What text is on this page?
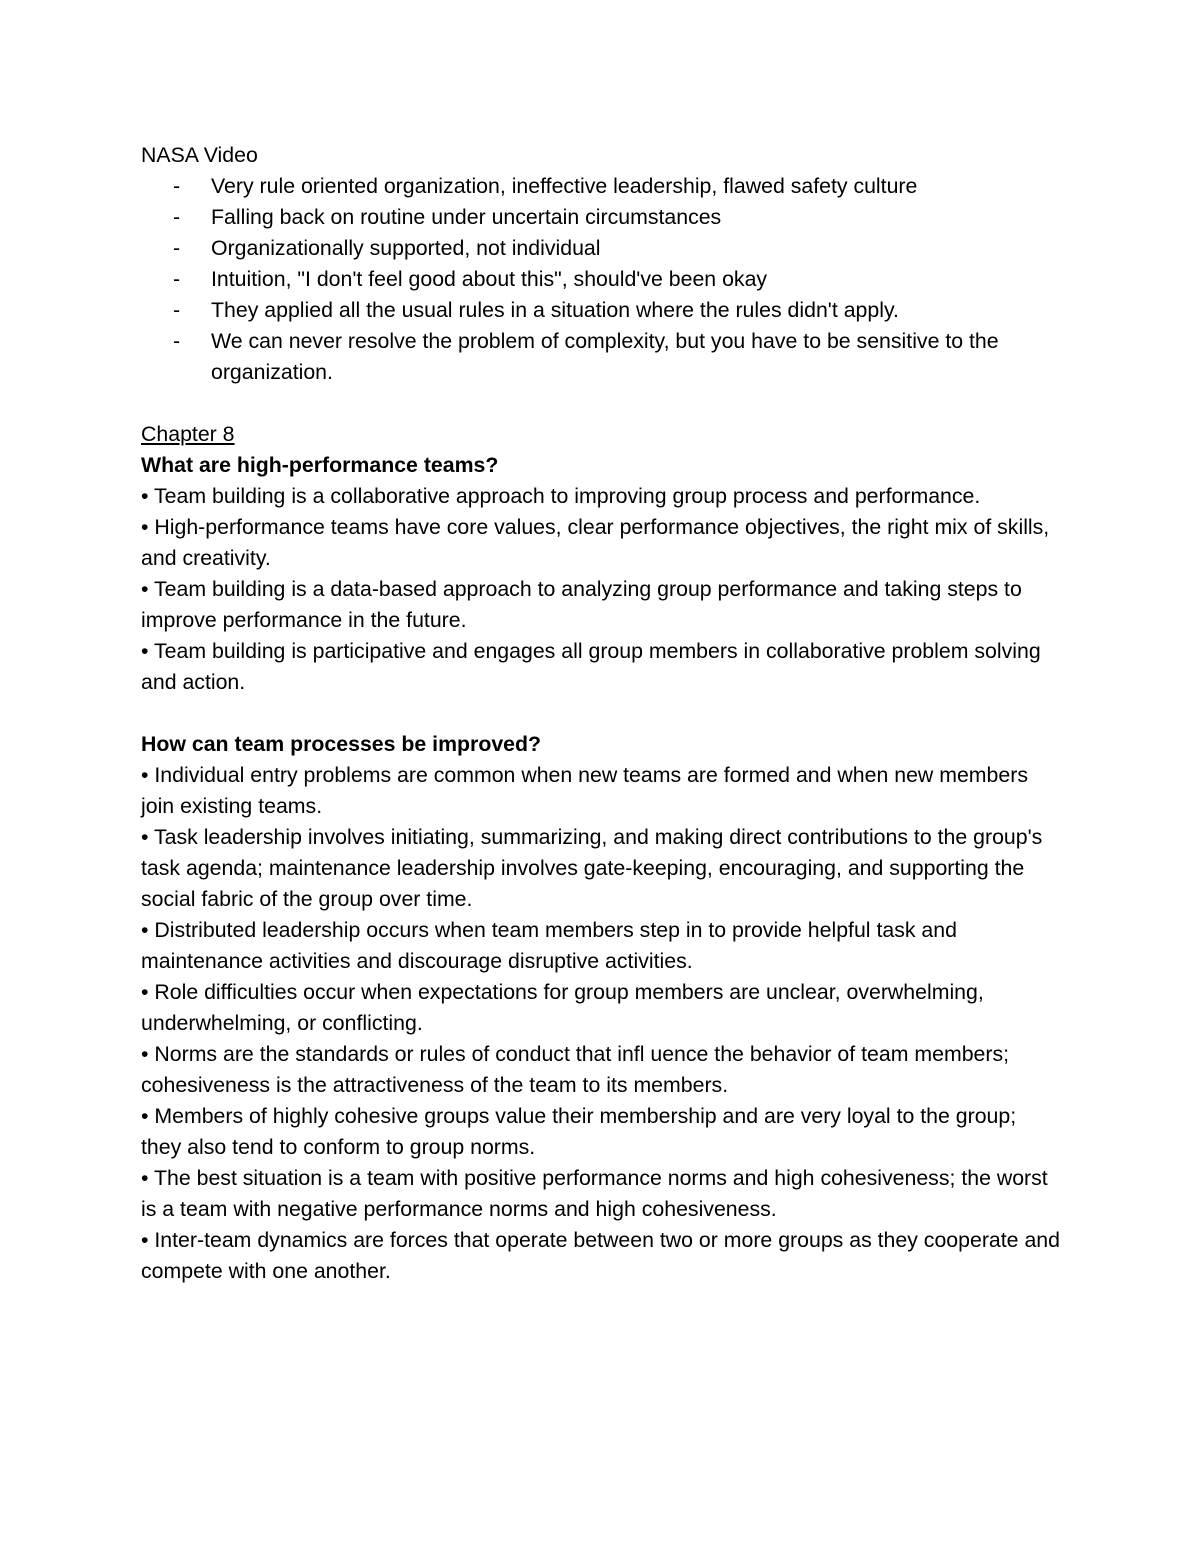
NASA Video

- Very rule oriented organization, ineffective leadership, flawed safety culture
- Falling back on routine under uncertain circumstances
- Organizationally supported, not individual
- Intuition, "I don't feel good about this", should've been okay
- They applied all the usual rules in a situation where the rules didn't apply.
- We can never resolve the problem of complexity, but you have to be sensitive to the organization.

Chapter 8

What are high-performance teams?

• Team building is a collaborative approach to improving group process and performance.

• High-performance teams have core values, clear performance objectives, the right mix of skills, and creativity.

• Team building is a data-based approach to analyzing group performance and taking steps to improve performance in the future.

• Team building is participative and engages all group members in collaborative problem solving and action.

How can team processes be improved?

• Individual entry problems are common when new teams are formed and when new members join existing teams.

• Task leadership involves initiating, summarizing, and making direct contributions to the group's task agenda; maintenance leadership involves gate-keeping, encouraging, and supporting the social fabric of the group over time.

• Distributed leadership occurs when team members step in to provide helpful task and maintenance activities and discourage disruptive activities.

• Role difficulties occur when expectations for group members are unclear, overwhelming, underwhelming, or conflicting.

• Norms are the standards or rules of conduct that infl uence the behavior of team members; cohesiveness is the attractiveness of the team to its members.

• Members of highly cohesive groups value their membership and are very loyal to the group; they also tend to conform to group norms.

• The best situation is a team with positive performance norms and high cohesiveness; the worst is a team with negative performance norms and high cohesiveness.

• Inter-team dynamics are forces that operate between two or more groups as they cooperate and compete with one another.
